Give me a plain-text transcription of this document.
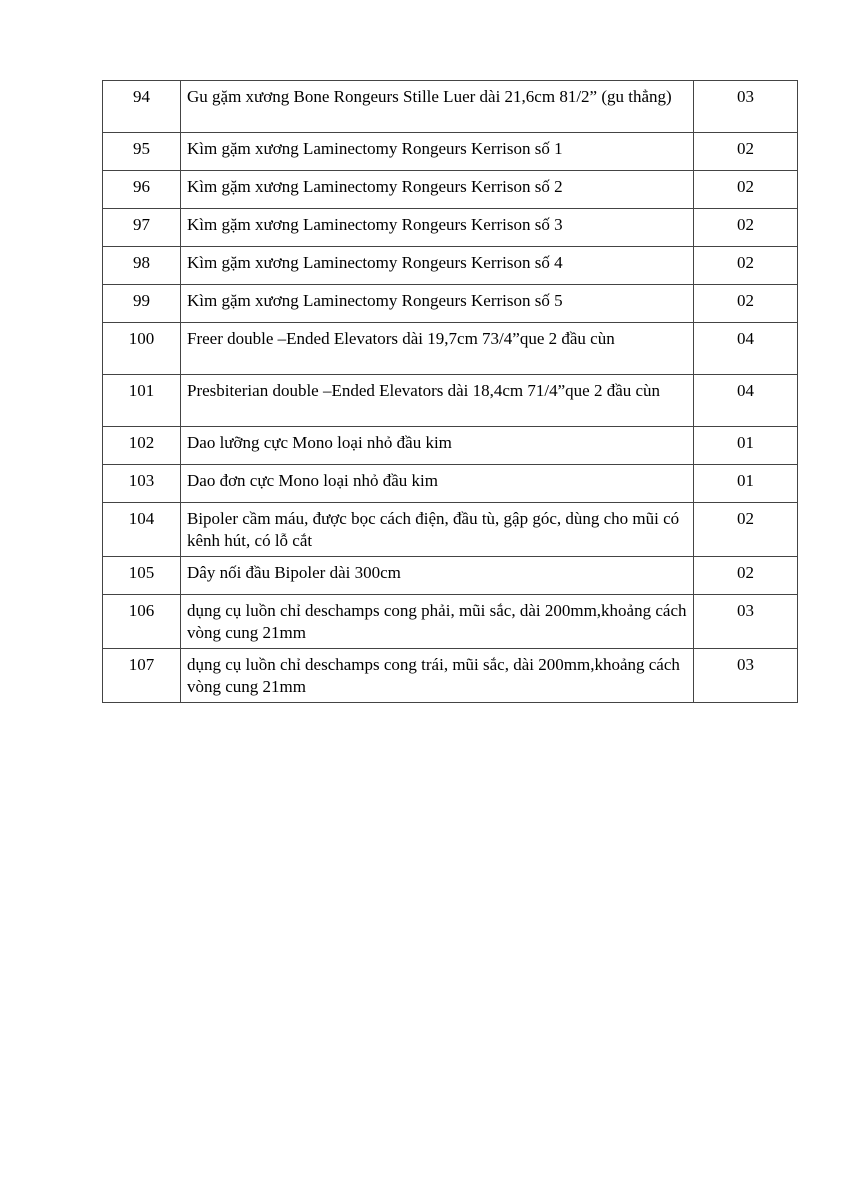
94	Gu gặm xương Bone Rongeurs Stille Luer dài 21,6cm 81/2” (gu thẳng)	03
95	Kìm gặm xương Laminectomy Rongeurs Kerrison số 1	02
96	Kìm gặm xương Laminectomy Rongeurs Kerrison số 2	02
97	Kìm gặm xương Laminectomy Rongeurs Kerrison số 3	02
98	Kìm gặm xương Laminectomy Rongeurs Kerrison số 4	02
99	Kìm gặm xương Laminectomy Rongeurs Kerrison số 5	02
100	Freer double –Ended Elevators dài 19,7cm 73/4”que 2 đầu cùn	04
101	Presbiterian double –Ended Elevators dài 18,4cm 71/4”que 2 đầu cùn	04
102	Dao lưỡng cực Mono loại nhỏ đầu kim	01
103	Dao đơn cực Mono loại nhỏ đầu kim	01
104	Bipoler cầm máu, được bọc cách điện, đầu tù, gập góc, dùng cho mũi có kênh hút, có lỗ cắt	02
105	Dây nối đầu Bipoler dài 300cm	02
106	dụng cụ luồn chỉ deschamps cong phải, mũi sắc, dài 200mm,khoảng cách vòng cung 21mm	03
107	dụng cụ luồn chỉ deschamps cong trái, mũi sắc, dài 200mm,khoảng cách vòng cung 21mm	03
